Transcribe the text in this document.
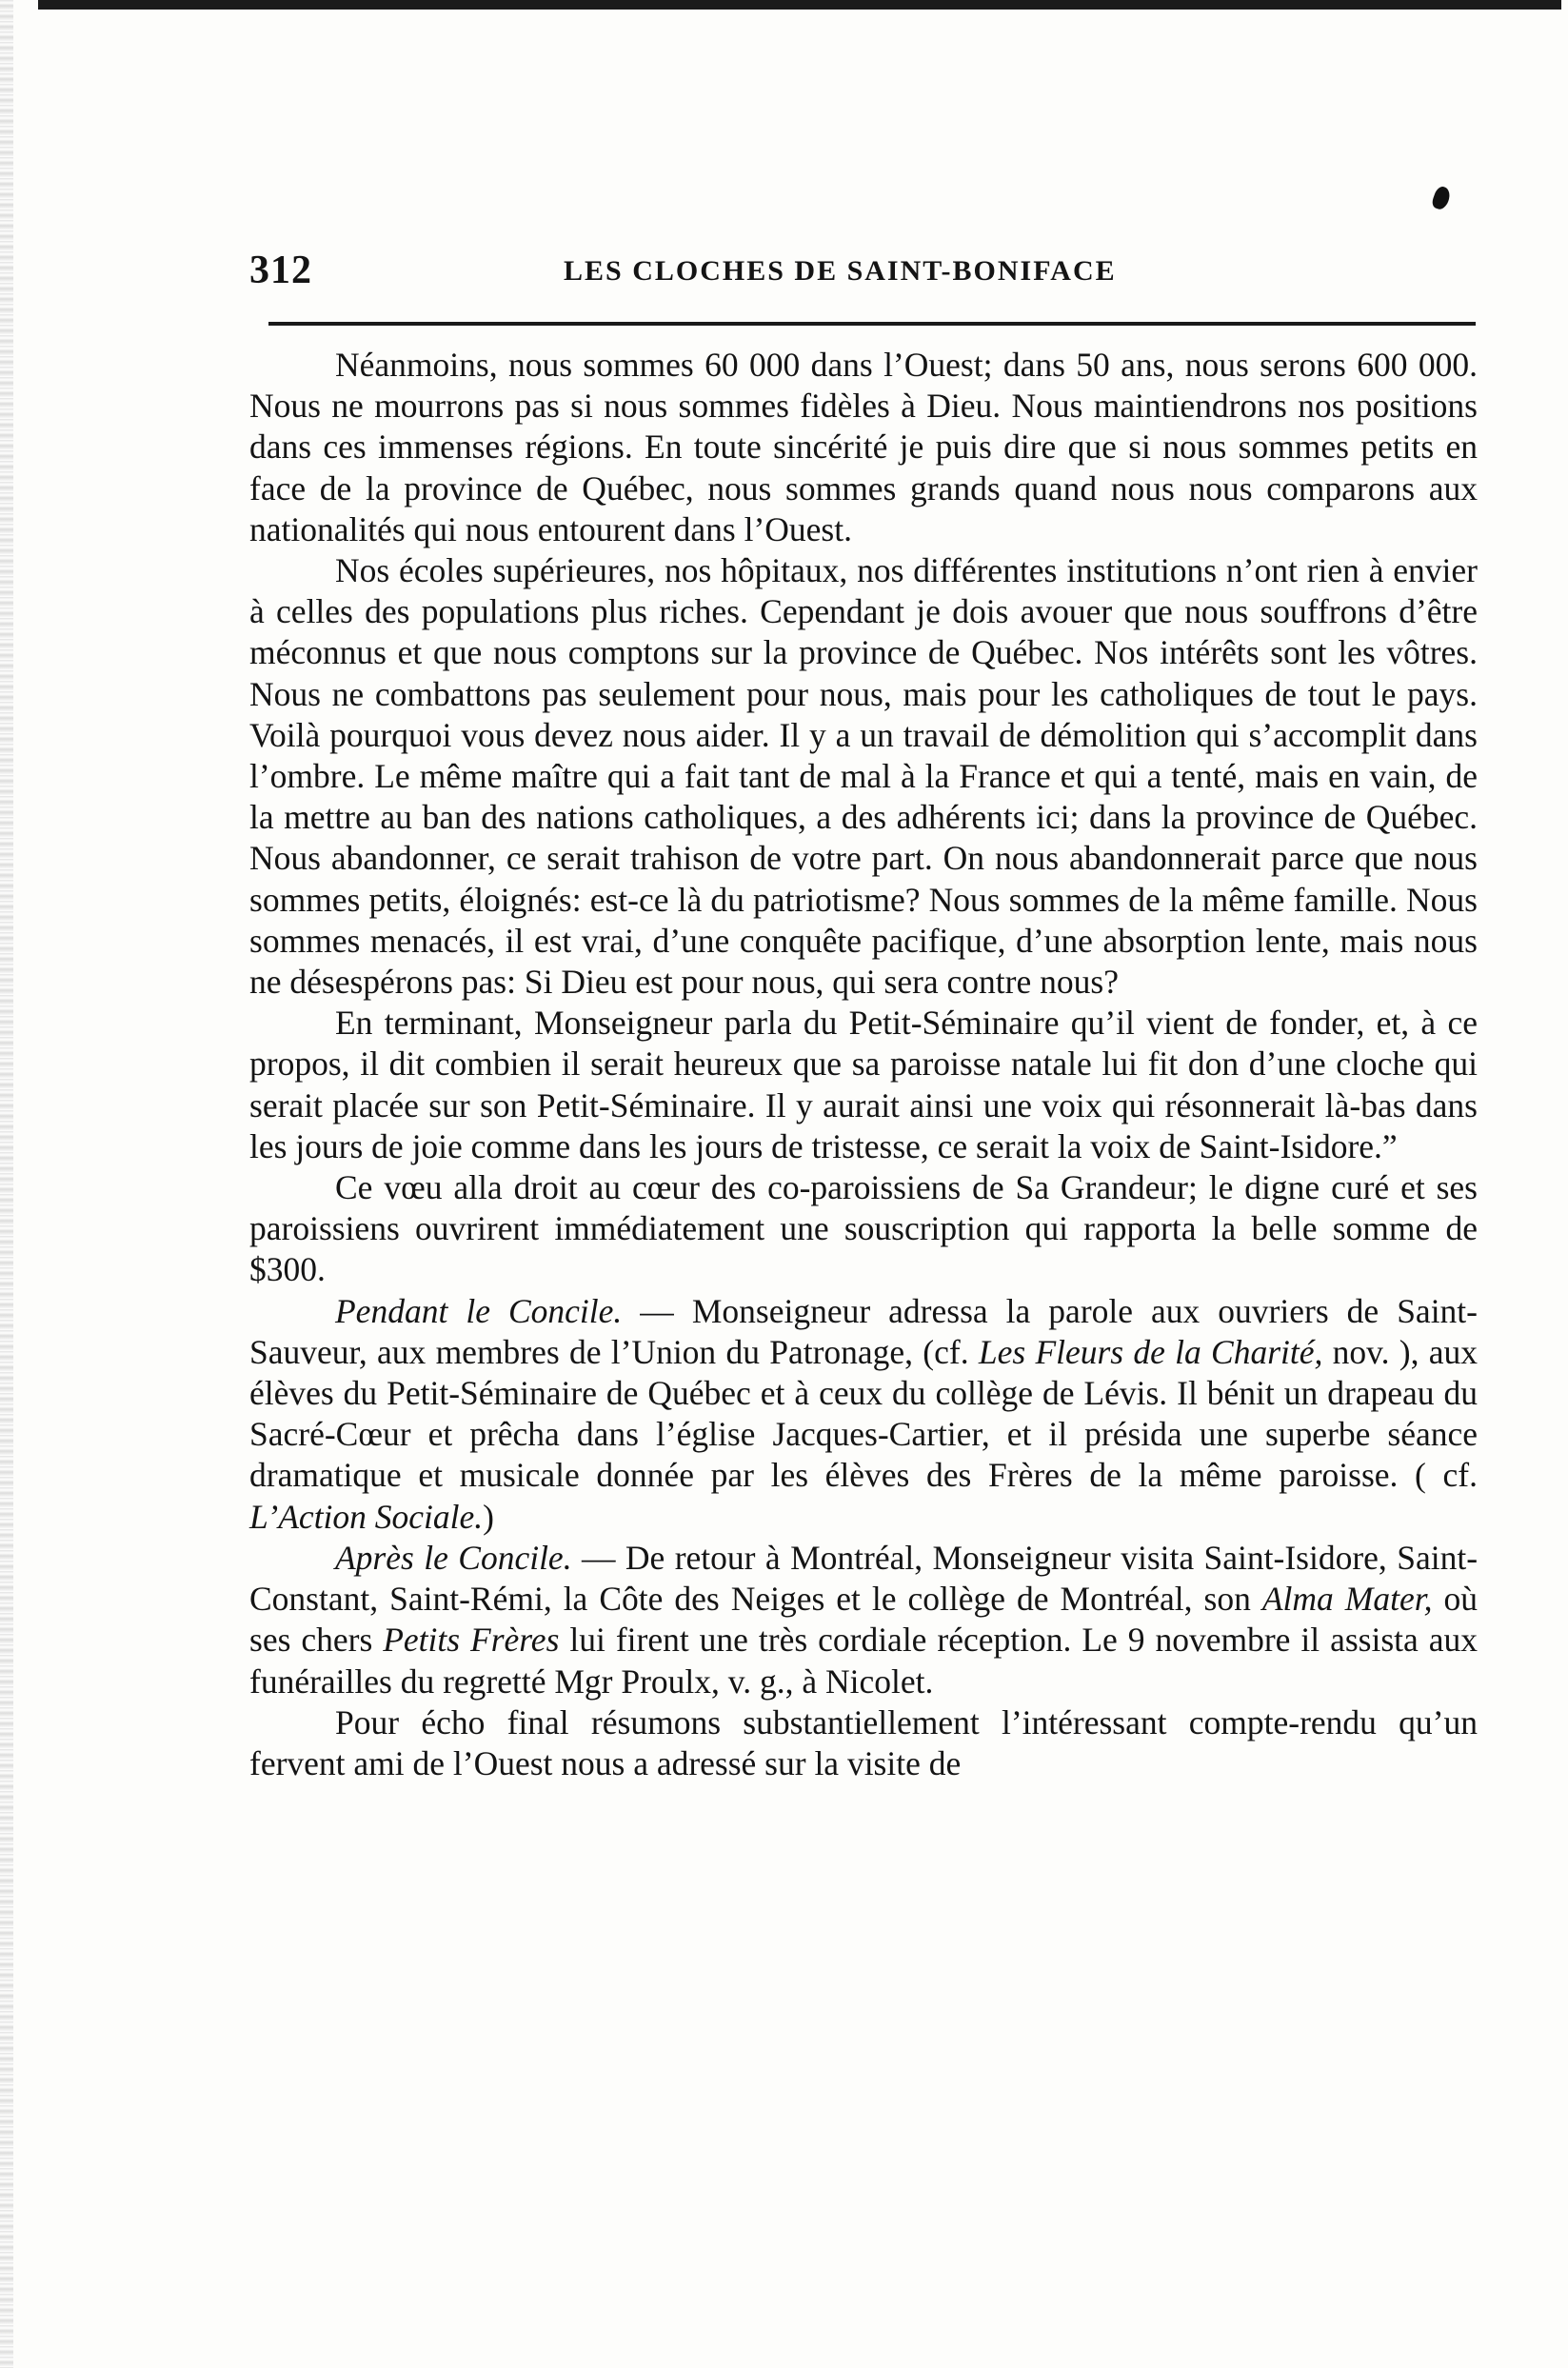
312	LES CLOCHES DE SAINT-BONIFACE

Néanmoins, nous sommes 60 000 dans l’Ouest; dans 50 ans, nous serons 600 000. Nous ne mourrons pas si nous sommes fidèles à Dieu. Nous maintiendrons nos positions dans ces immenses régions. En toute sincérité je puis dire que si nous sommes petits en face de la province de Québec, nous sommes grands quand nous nous comparons aux nationalités qui nous entourent dans l’Ouest.

Nos écoles supérieures, nos hôpitaux, nos différentes institutions n’ont rien à envier à celles des populations plus riches. Cependant je dois avouer que nous souffrons d’être méconnus et que nous comptons sur la province de Québec. Nos intérêts sont les vôtres. Nous ne combattons pas seulement pour nous, mais pour les catholiques de tout le pays. Voilà pourquoi vous devez nous aider. Il y a un travail de démolition qui s’accomplit dans l’ombre. Le même maître qui a fait tant de mal à la France et qui a tenté, mais en vain, de la mettre au ban des nations catholiques, a des adhérents ici; dans la province de Québec. Nous abandonner, ce serait trahison de votre part. On nous abandonnerait parce que nous sommes petits, éloignés: est-ce là du patriotisme? Nous sommes de la même famille. Nous sommes menacés, il est vrai, d’une conquête pacifique, d’une absorption lente, mais nous ne désespérons pas: Si Dieu est pour nous, qui sera contre nous?

En terminant, Monseigneur parla du Petit-Séminaire qu’il vient de fonder, et, à ce propos, il dit combien il serait heureux que sa paroisse natale lui fit don d’une cloche qui serait placée sur son Petit-Séminaire. Il y aurait ainsi une voix qui résonnerait là-bas dans les jours de joie comme dans les jours de tristesse, ce serait la voix de Saint-Isidore.”

Ce vœu alla droit au cœur des co-paroissiens de Sa Grandeur; le digne curé et ses paroissiens ouvrirent immédiatement une souscription qui rapporta la belle somme de $300.

Pendant le Concile. — Monseigneur adressa la parole aux ouvriers de Saint-Sauveur, aux membres de l’Union du Patronage, (cf. Les Fleurs de la Charité, nov. ), aux élèves du Petit-Séminaire de Québec et à ceux du collège de Lévis. Il bénit un drapeau du Sacré-Cœur et prêcha dans l’église Jacques-Cartier, et il présida une superbe séance dramatique et musicale donnée par les élèves des Frères de la même paroisse. ( cf. L’Action Sociale.)

Après le Concile. — De retour à Montréal, Monseigneur visita Saint-Isidore, Saint-Constant, Saint-Rémi, la Côte des Neiges et le collège de Montréal, son Alma Mater, où ses chers Petits Frères lui firent une très cordiale réception. Le 9 novembre il assista aux funérailles du regretté Mgr Proulx, v. g., à Nicolet.

Pour écho final résumons substantiellement l’intéressant compte-rendu qu’un fervent ami de l’Ouest nous a adressé sur la visite de
